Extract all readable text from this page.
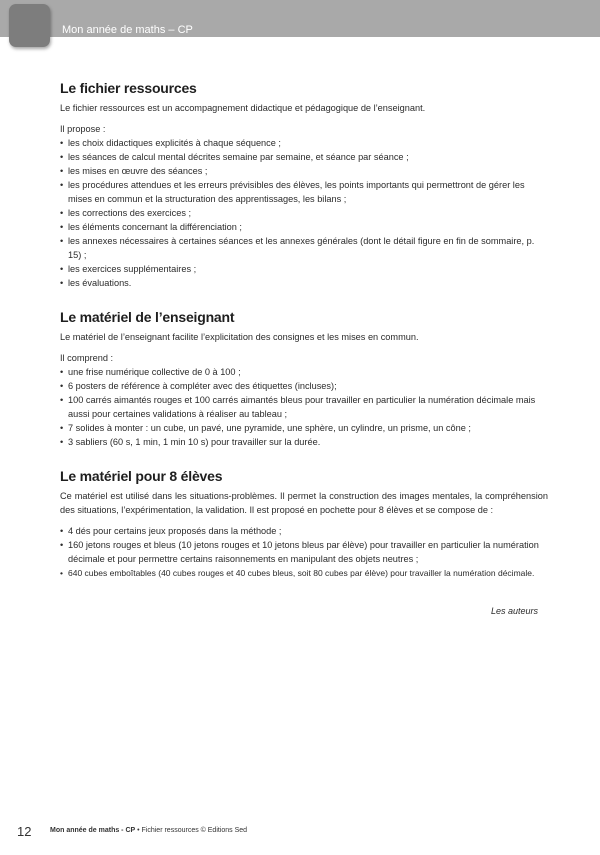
Mon année de maths – CP
Le fichier ressources

Le fichier ressources est un accompagnement didactique et pédagogique de l’enseignant.

Il propose :

• les choix didactiques explicités à chaque séquence ;
• les séances de calcul mental décrites semaine par semaine, et séance par séance ;
• les mises en œuvre des séances ;
• les procédures attendues et les erreurs prévisibles des élèves, les points importants qui permettront de gérer les mises en commun et la structuration des apprentissages, les bilans ;
• les corrections des exercices ;
• les éléments concernant la différenciation ;
• les annexes nécessaires à certaines séances et les annexes générales (dont le détail figure en fin de sommaire, p. 15) ;
• les exercices supplémentaires ;
• les évaluations.
Le matériel de l’enseignant

Le matériel de l’enseignant facilite l’explicitation des consignes et les mises en commun.

Il comprend :

• une frise numérique collective de 0 à 100 ;
• 6 posters de référence à compléter avec des étiquettes (incluses);
• 100 carrés aimantés rouges et 100 carrés aimantés bleus pour travailler en particulier la numération décimale mais aussi pour certaines validations à réaliser au tableau ;
• 7 solides à monter : un cube, un pavé, une pyramide, une sphère, un cylindre, un prisme, un cône ;
• 3 sabliers (60 s, 1 min, 1 min 10 s) pour travailler sur la durée.
Le matériel pour 8 élèves

Ce matériel est utilisé dans les situations-problèmes. Il permet la construction des images mentales, la compréhension des situations, l’expérimentation, la validation. Il est proposé en pochette pour 8 élèves et se compose de :

• 4 dés pour certains jeux proposés dans la méthode ;
• 160 jetons rouges et bleus (10 jetons rouges et 10 jetons bleus par élève) pour travailler en particulier la numération décimale et pour permettre certains raisonnements en manipulant des objets neutres ;
• 640 cubes emboîtables (40 cubes rouges et 40 cubes bleus, soit 80 cubes par élève) pour travailler la numération décimale.
Les auteurs
12	Mon année de maths - CP • Fichier ressources © Editions Sed
